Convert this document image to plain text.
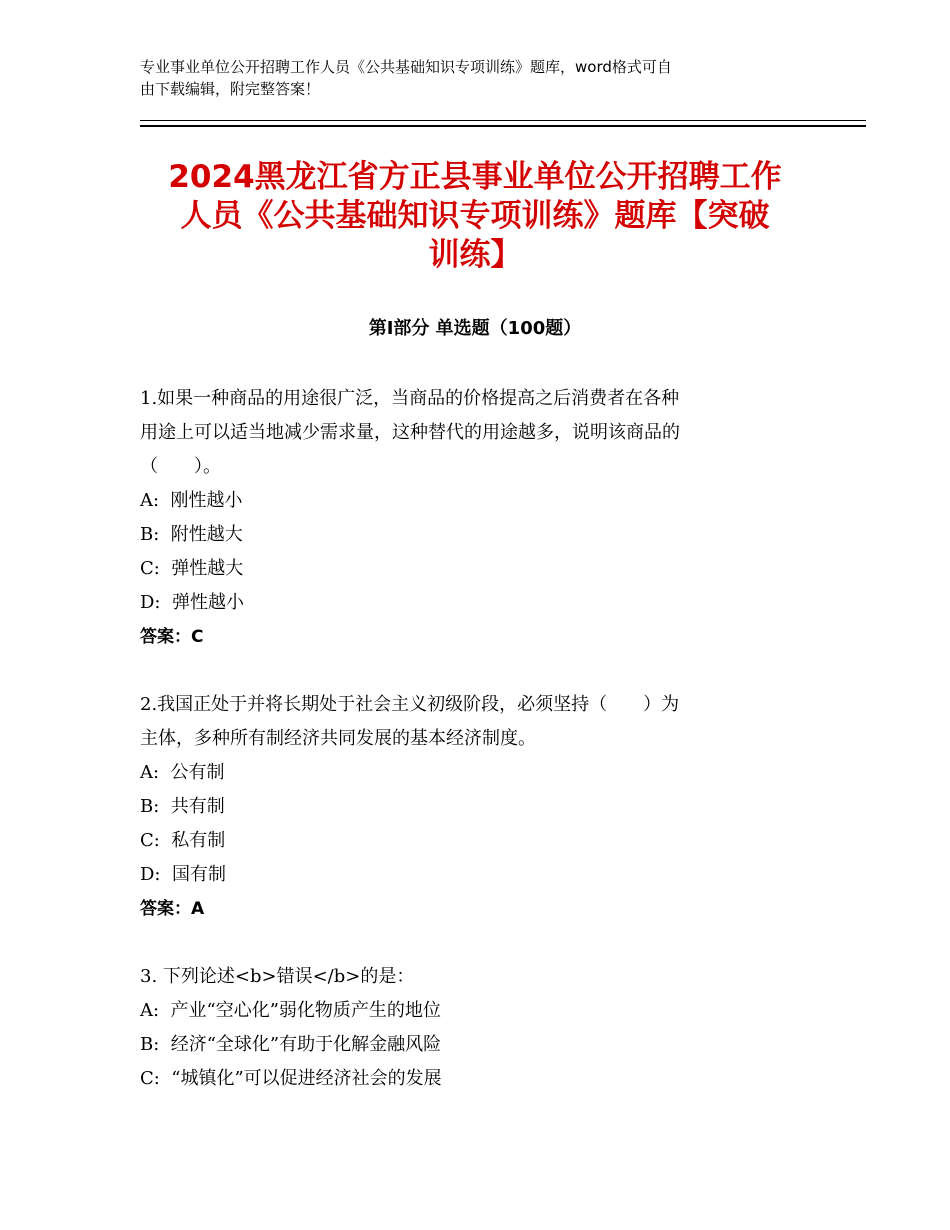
专业事业单位公开招聘工作人员《公共基础知识专项训练》题库，word格式可自
由下载编辑，附完整答案！
2024黑龙江省方正县事业单位公开招聘工作
人员《公共基础知识专项训练》题库【突破
训练】
第Ⅰ部分 单选题（100题）
1.如果一种商品的用途很广泛，当商品的价格提高之后消费者在各种
用途上可以适当地减少需求量，这种替代的用途越多，说明该商品的
（　　）。
A:  刚性越小
B:  附性越大
C:  弹性越大
D:  弹性越小
答案：C
2.我国正处于并将长期处于社会主义初级阶段，必须坚持（　　）为
主体，多种所有制经济共同发展的基本经济制度。
A:  公有制
B:  共有制
C:  私有制
D:  国有制
答案：A
3. 下列论述<b>错误</b>的是：
A:  产业“空心化”弱化物质产生的地位
B:  经济“全球化”有助于化解金融风险
C:  “城镇化”可以促进经济社会的发展
